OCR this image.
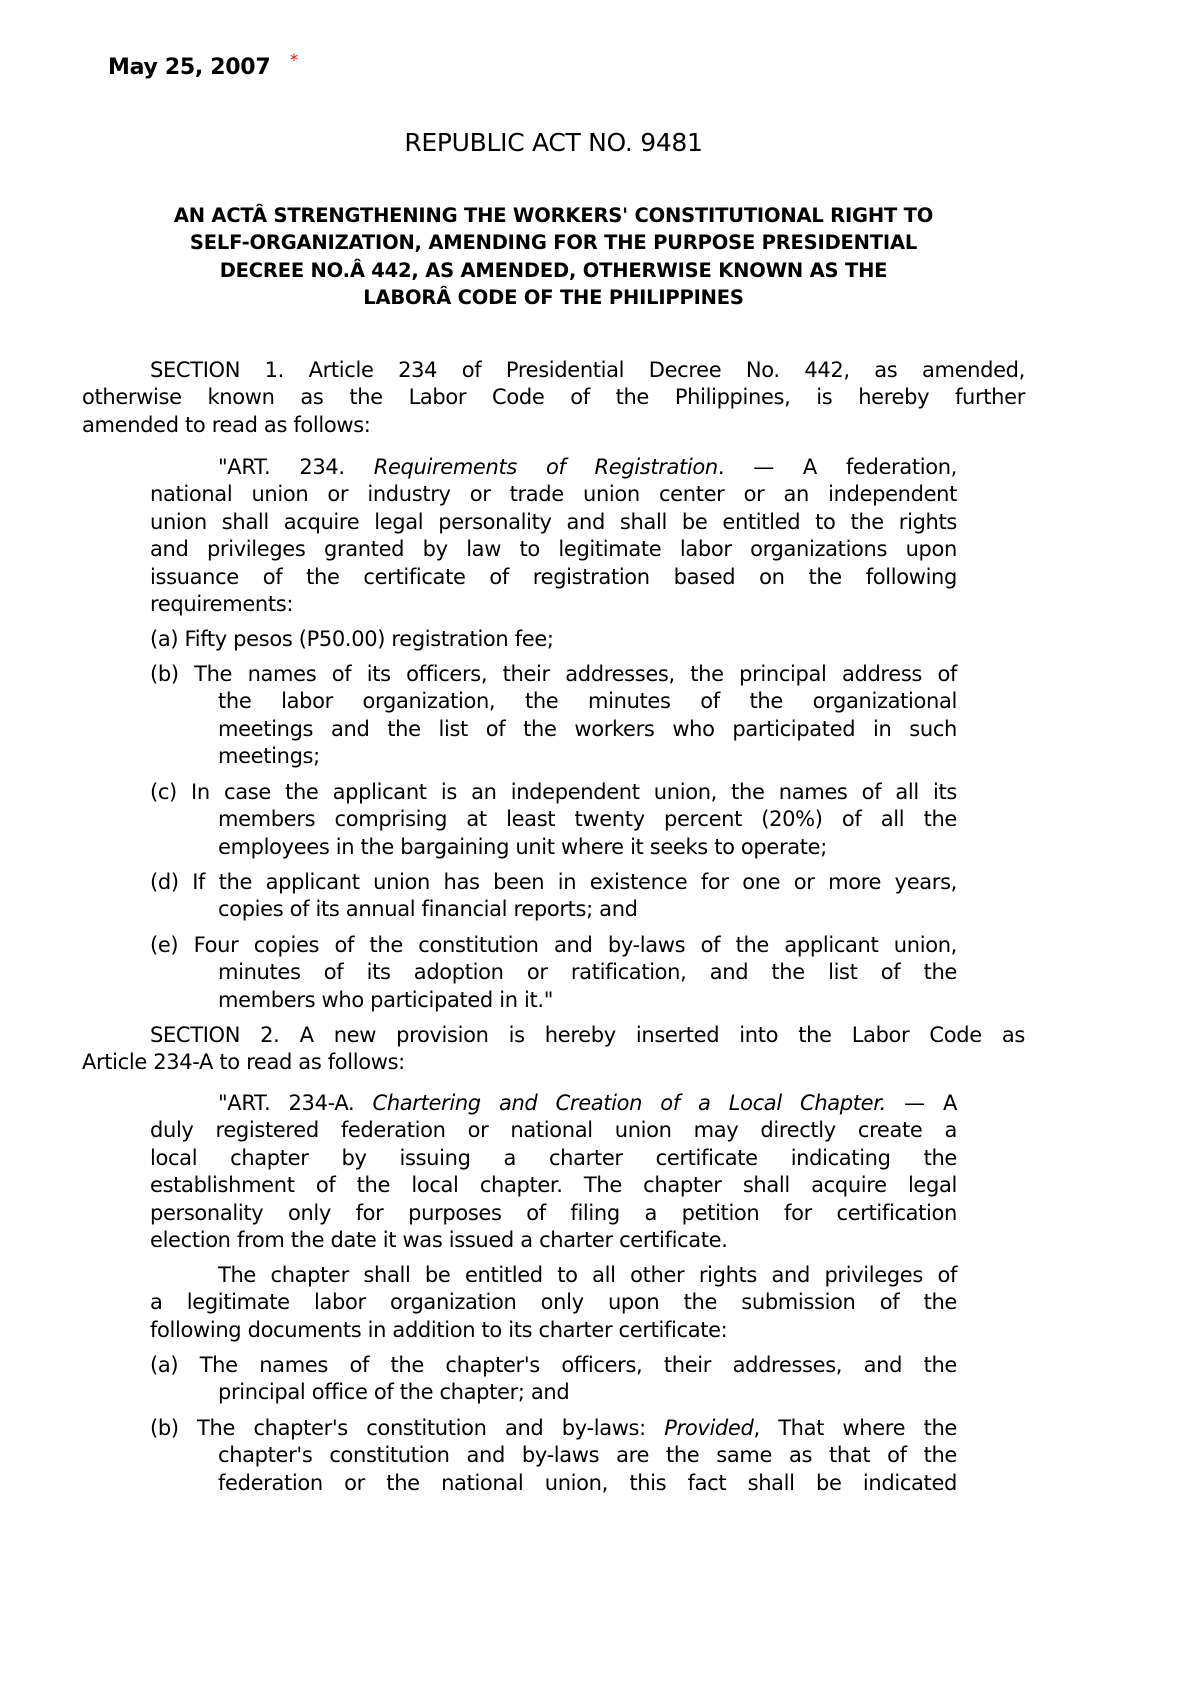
May 25, 2007 *
REPUBLIC ACT NO. 9481
AN ACTÂ STRENGTHENING THE WORKERS' CONSTITUTIONAL RIGHT TO
SELF-ORGANIZATION, AMENDING FOR THE PURPOSE PRESIDENTIAL
DECREE NO.Â 442, AS AMENDED, OTHERWISE KNOWN AS THE
LABORÂ CODE OF THE PHILIPPINES
SECTION 1. Article 234 of Presidential Decree No. 442, as amended,
otherwise known as the Labor Code of the Philippines, is hereby further
amended to read as follows:
"ART. 234. Requirements of Registration. — A federation,
national union or industry or trade union center or an independent
union shall acquire legal personality and shall be entitled to the rights
and privileges granted by law to legitimate labor organizations upon
issuance of the certificate of registration based on the following
requirements:
(a) Fifty pesos (P50.00) registration fee;
(b) The names of its officers, their addresses, the principal address of
the labor organization, the minutes of the organizational
meetings and the list of the workers who participated in such
meetings;
(c) In case the applicant is an independent union, the names of all its
members comprising at least twenty percent (20%) of all the
employees in the bargaining unit where it seeks to operate;
(d) If the applicant union has been in existence for one or more years,
copies of its annual financial reports; and
(e) Four copies of the constitution and by-laws of the applicant union,
minutes of its adoption or ratification, and the list of the
members who participated in it."
SECTION 2. A new provision is hereby inserted into the Labor Code as
Article 234-A to read as follows:
"ART. 234-A. Chartering and Creation of a Local Chapter. — A
duly registered federation or national union may directly create a
local chapter by issuing a charter certificate indicating the
establishment of the local chapter. The chapter shall acquire legal
personality only for purposes of filing a petition for certification
election from the date it was issued a charter certificate.
The chapter shall be entitled to all other rights and privileges of
a legitimate labor organization only upon the submission of the
following documents in addition to its charter certificate:
(a) The names of the chapter's officers, their addresses, and the
principal office of the chapter; and
(b) The chapter's constitution and by-laws: Provided, That where the
chapter's constitution and by-laws are the same as that of the
federation or the national union, this fact shall be indicated
